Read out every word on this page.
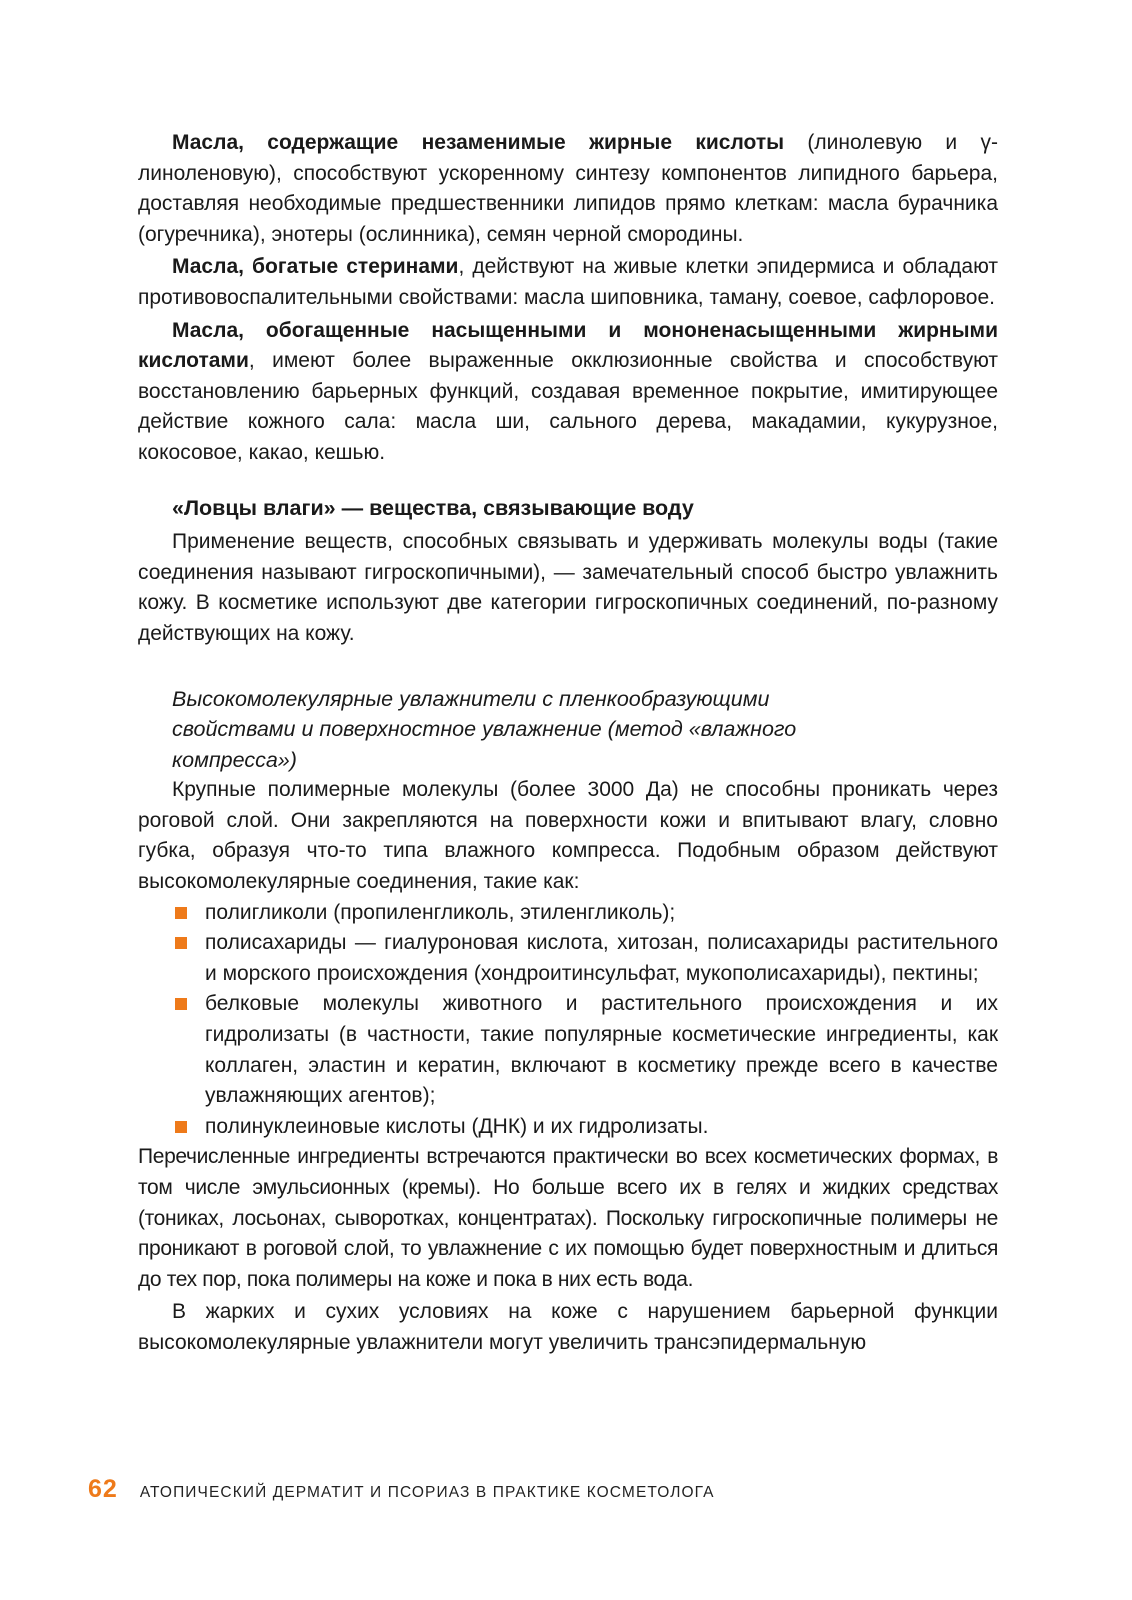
Масла, содержащие незаменимые жирные кислоты (линолевую и γ-линоленовую), способствуют ускоренному синтезу компонентов липидного барьера, доставляя необходимые предшественники липидов прямо клеткам: масла бурачника (огуречника), энотеры (ослинника), семян черной смородины.

Масла, богатые стеринами, действуют на живые клетки эпидермиса и обладают противовоспалительными свойствами: масла шиповника, таману, соевое, сафлоровое.

Масла, обогащенные насыщенными и мононенасыщенными жирными кислотами, имеют более выраженные окклюзионные свойства и способствуют восстановлению барьерных функций, создавая временное покрытие, имитирующее действие кожного сала: масла ши, сального дерева, макадамии, кукурузное, кокосовое, какао, кешью.

«Ловцы влаги» — вещества, связывающие воду

Применение веществ, способных связывать и удерживать молекулы воды (такие соединения называют гигроскопичными), — замечательный способ быстро увлажнить кожу. В косметике используют две категории гигроскопичных соединений, по-разному действующих на кожу.

Высокомолекулярные увлажнители с пленкообразующими свойствами и поверхностное увлажнение (метод «влажного компресса»)

Крупные полимерные молекулы (более 3000 Да) не способны проникать через роговой слой. Они закрепляются на поверхности кожи и впитывают влагу, словно губка, образуя что-то типа влажного компресса. Подобным образом действуют высокомолекулярные соединения, такие как:

полигликоли (пропиленгликоль, этиленгликоль);
полисахариды — гиалуроновая кислота, хитозан, полисахариды растительного и морского происхождения (хондроитинсульфат, мукополисахариды), пектины;
белковые молекулы животного и растительного происхождения и их гидролизаты (в частности, такие популярные косметические ингредиенты, как коллаген, эластин и кератин, включают в косметику прежде всего в качестве увлажняющих агентов);
полинуклеиновые кислоты (ДНК) и их гидролизаты.

Перечисленные ингредиенты встречаются практически во всех косметических формах, в том числе эмульсионных (кремы). Но больше всего их в гелях и жидких средствах (тониках, лосьонах, сыворотках, концентратах). Поскольку гигроскопичные полимеры не проникают в роговой слой, то увлажнение с их помощью будет поверхностным и длиться до тех пор, пока полимеры на коже и пока в них есть вода.

В жарких и сухих условиях на коже с нарушением барьерной функции высокомолекулярные увлажнители могут увеличить трансэпидермальную

62 АТОПИЧЕСКИЙ ДЕРМАТИТ И ПСОРИАЗ В ПРАКТИКЕ КОСМЕТОЛОГА
